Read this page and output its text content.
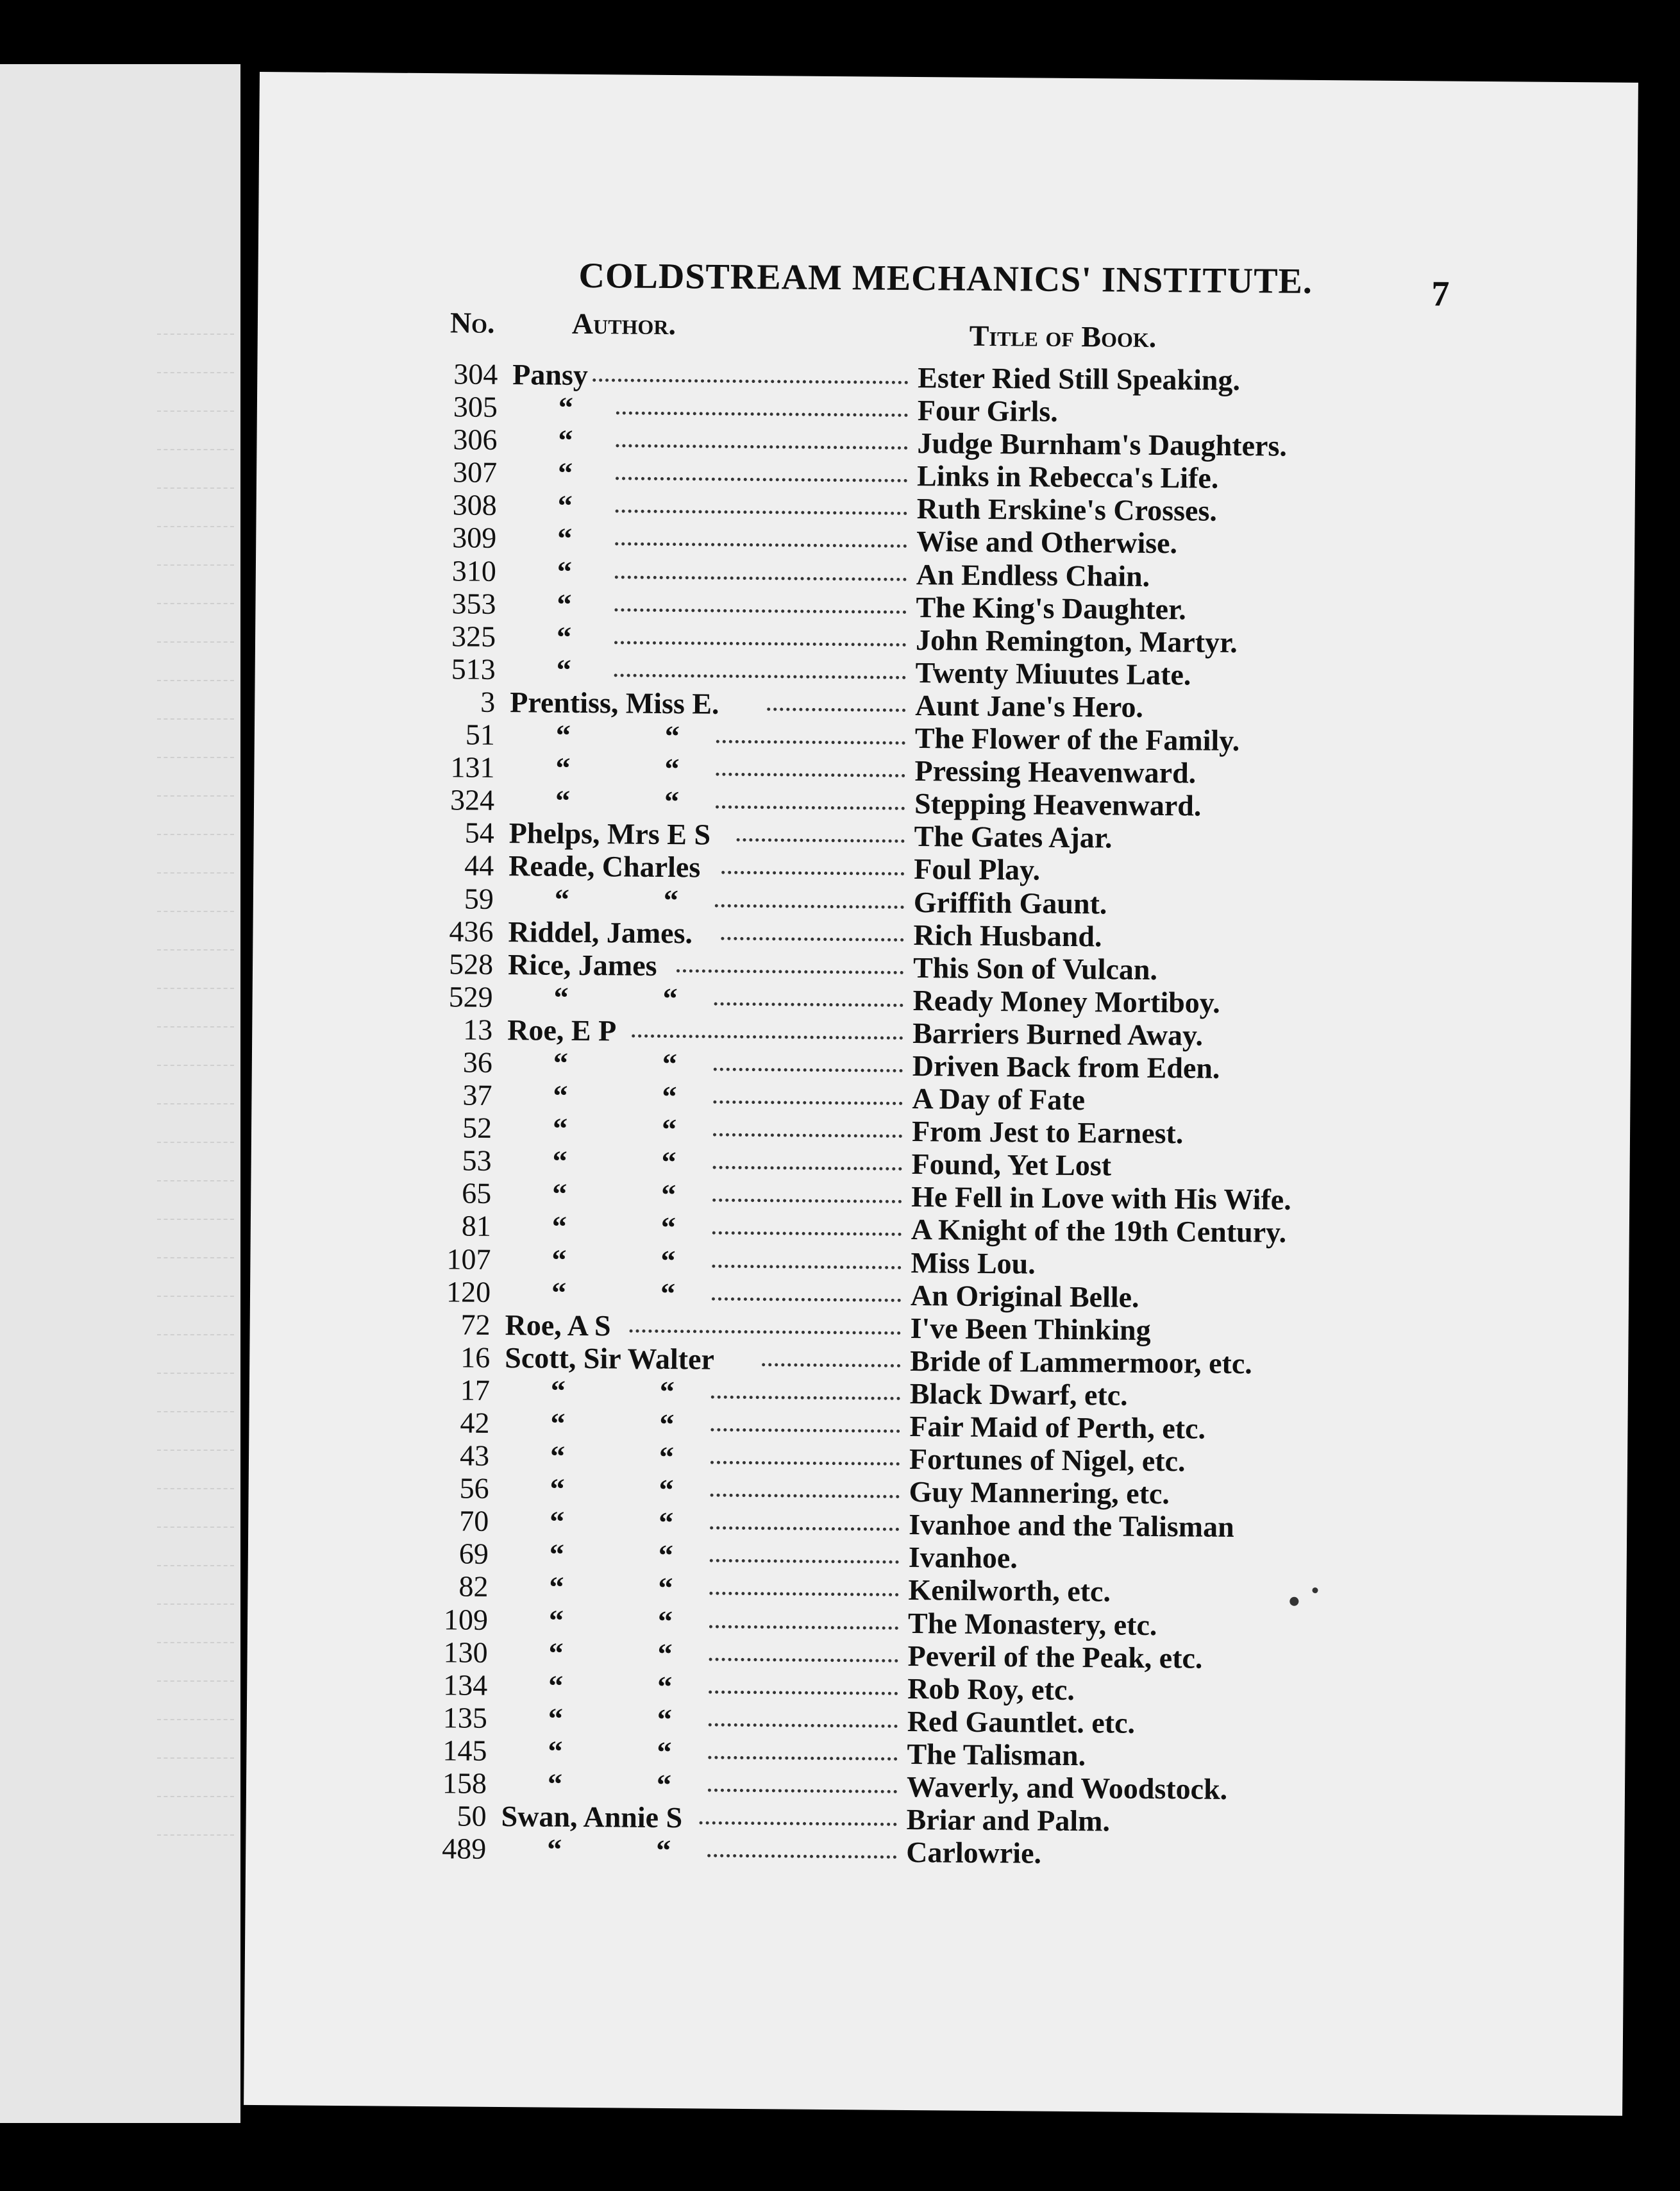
COLDSTREAM MECHANICS' INSTITUTE.	7
No.	Author.	Title of Book.
304 Pansy	Ester Ried Still Speaking.
305 “	Four Girls.
306 “	Judge Burnham's Daughters.
307 “	Links in Rebecca's Life.
308 “	Ruth Erskine's Crosses.
309 “	Wise and Otherwise.
310 “	An Endless Chain.
353 “	The King's Daughter.
325 “	John Remington, Martyr.
513 “	Twenty Miuutes Late.
3 Prentiss, Miss E.	Aunt Jane's Hero.
51 “	“	The Flower of the Family.
131 “	“	Pressing Heavenward.
324 “	“	Stepping Heavenward.
54 Phelps, Mrs E S	The Gates Ajar.
44 Reade, Charles	Foul Play.
59 “	“	Griffith Gaunt.
436 Riddel, James.	Rich Husband.
528 Rice, James	This Son of Vulcan.
529 “	“	Ready Money Mortiboy.
13 Roe, E P	Barriers Burned Away.
36 “	“	Driven Back from Eden.
37 “	“	A Day of Fate
52 “	“	From Jest to Earnest.
53 “	“	Found, Yet Lost
65 “	“	He Fell in Love with His Wife.
81 “	“	A Knight of the 19th Century.
107 “	“	Miss Lou.
120 “	“	An Original Belle.
72 Roe, A S	I've Been Thinking
16 Scott, Sir Walter	Bride of Lammermoor, etc.
17 “	“	Black Dwarf, etc.
42 “	“	Fair Maid of Perth, etc.
43 “	“	Fortunes of Nigel, etc.
56 “	“	Guy Mannering, etc.
70 “	“	Ivanhoe and the Talisman
69 “	“	Ivanhoe.
82 “	“	Kenilworth, etc.
109 “	“	The Monastery, etc.
130 “	“	Peveril of the Peak, etc.
134 “	“	Rob Roy, etc.
135 “	“	Red Gauntlet. etc.
145 “	“	The Talisman.
158 “	“	Waverly, and Woodstock.
50 Swan, Annie S	Briar and Palm.
489 “	“	Carlowrie.
